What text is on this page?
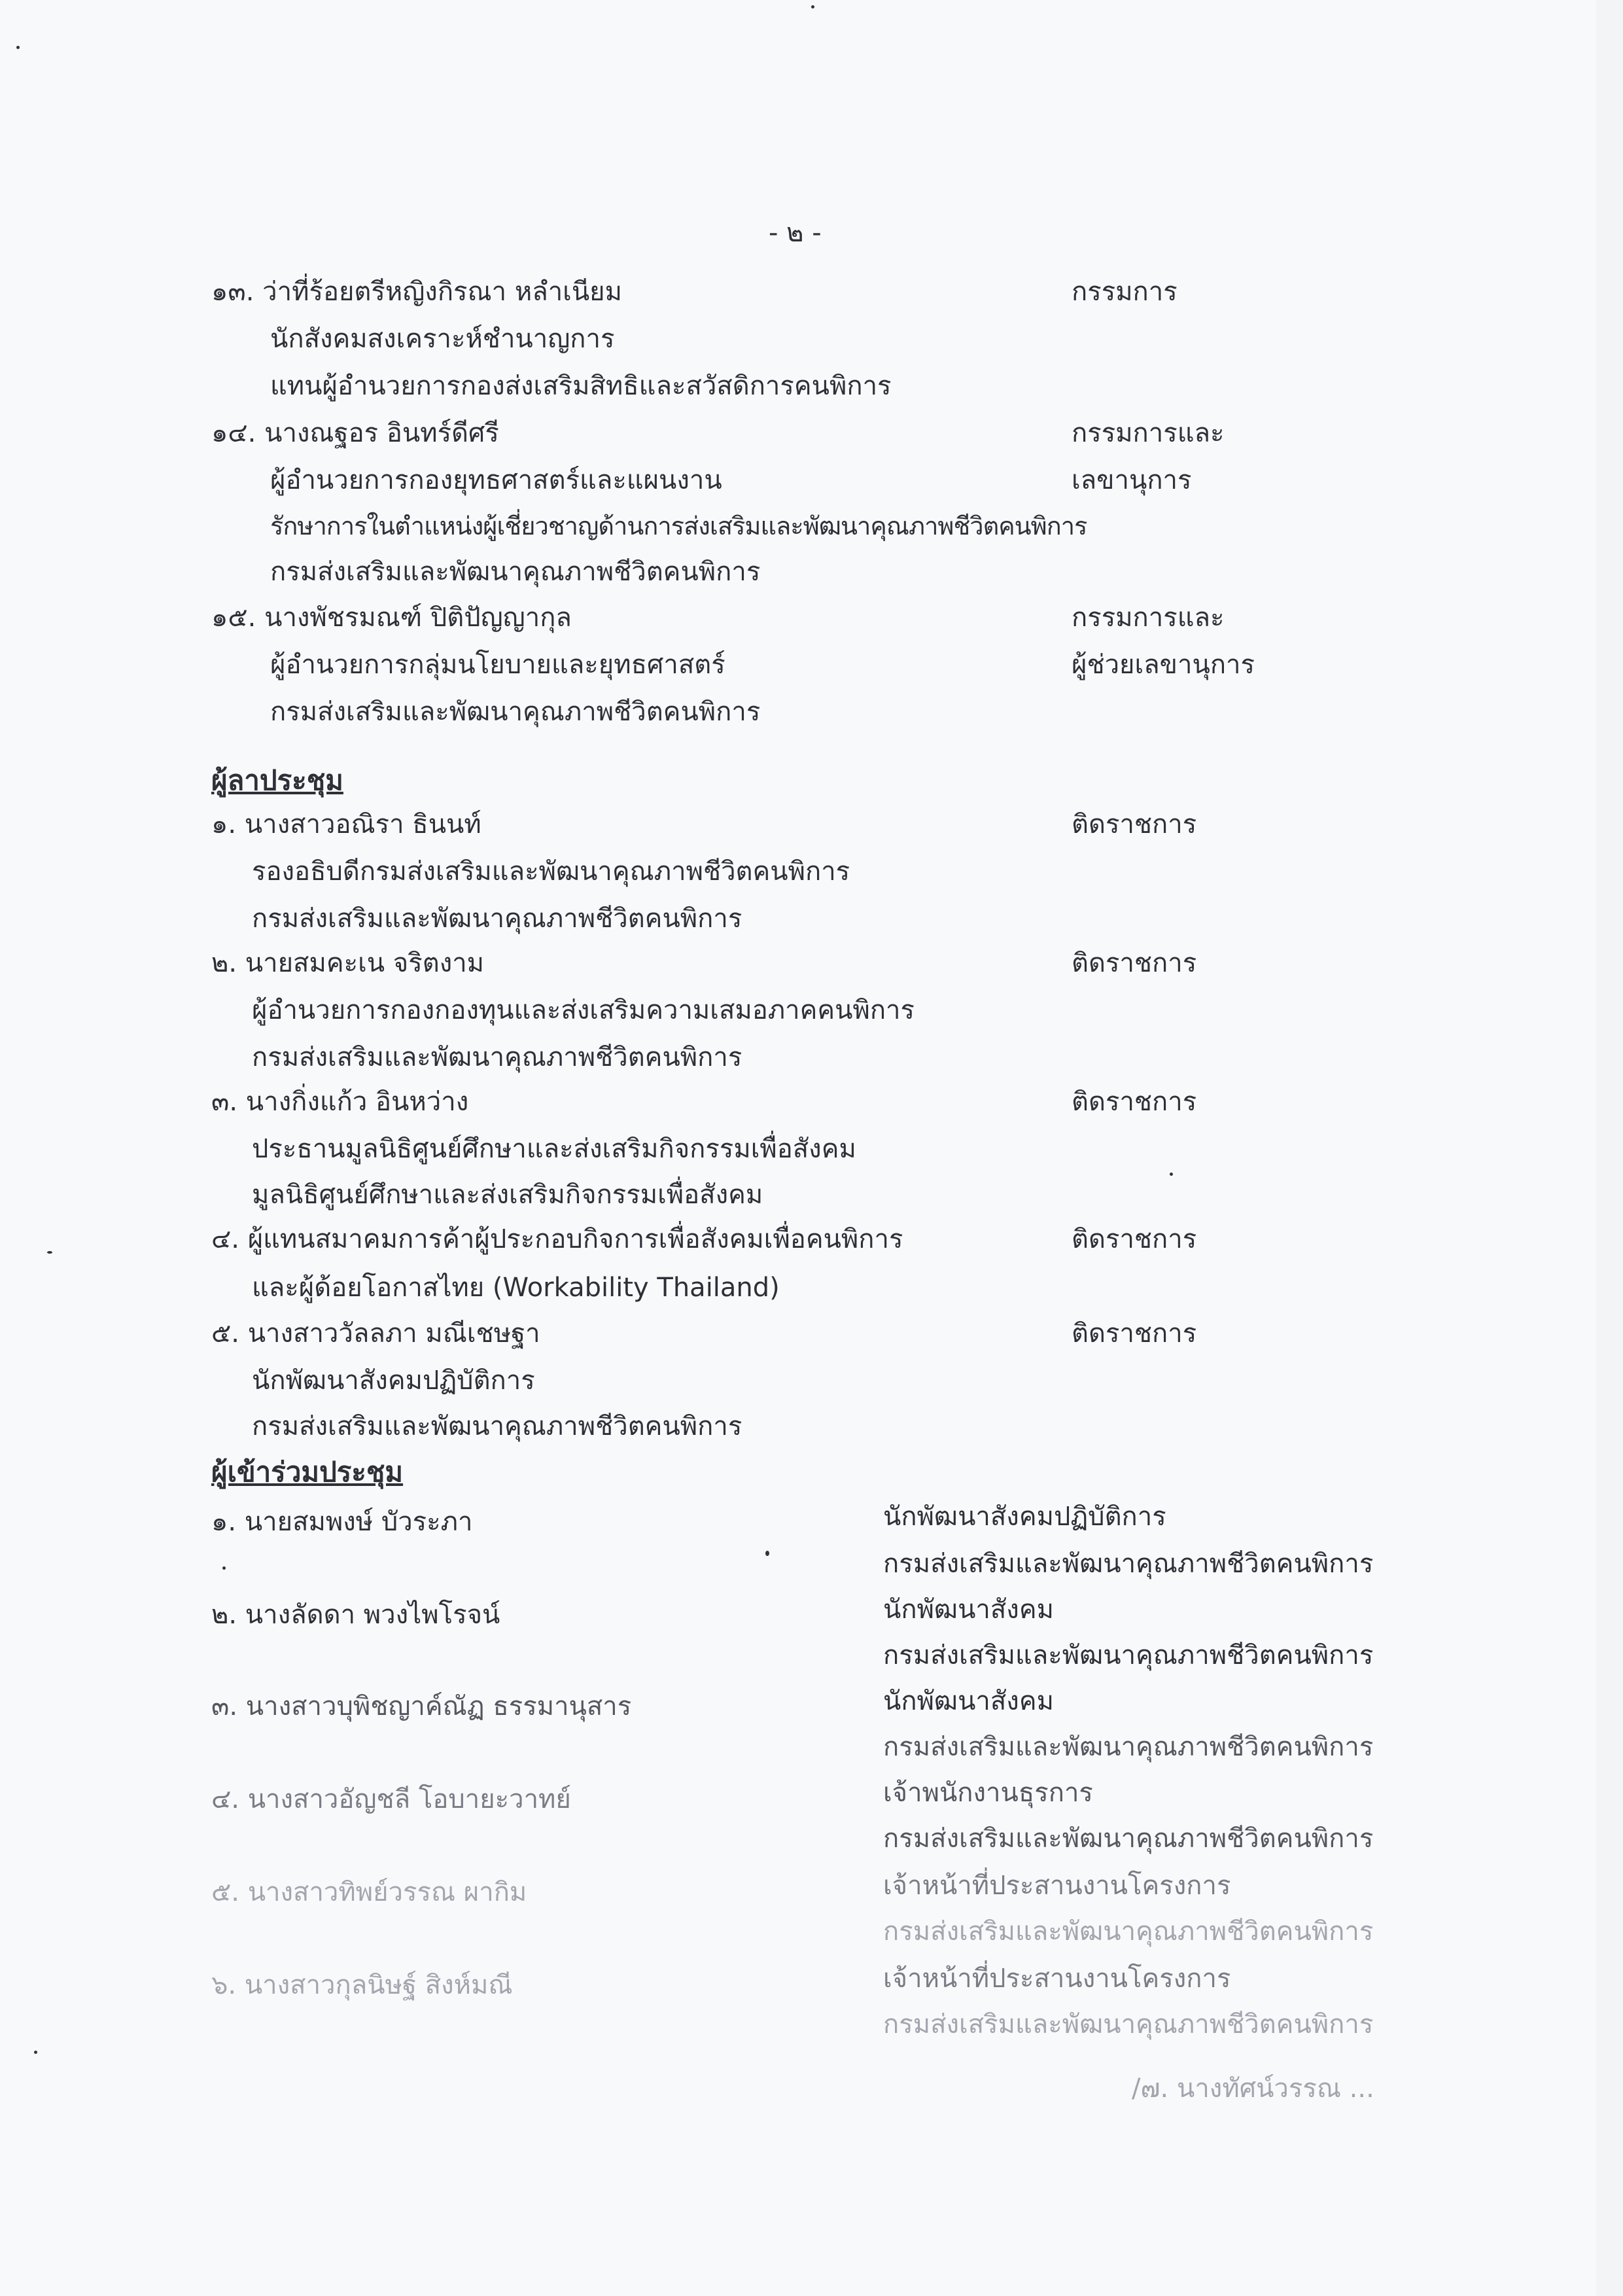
- ๒ -
๑๓. ว่าที่ร้อยตรีหญิงกิรณา หลำเนียม	กรรมการ
นักสังคมสงเคราะห์ชำนาญการ
แทนผู้อำนวยการกองส่งเสริมสิทธิและสวัสดิการคนพิการ
๑๔. นางณฐอร อินทร์ดีศรี	กรรมการและ
ผู้อำนวยการกองยุทธศาสตร์และแผนงาน	เลขานุการ
รักษาการในตำแหน่งผู้เชี่ยวชาญด้านการส่งเสริมและพัฒนาคุณภาพชีวิตคนพิการ
กรมส่งเสริมและพัฒนาคุณภาพชีวิตคนพิการ
๑๕. นางพัชรมณฑ์ ปิติปัญญากุล	กรรมการและ
ผู้อำนวยการกลุ่มนโยบายและยุทธศาสตร์	ผู้ช่วยเลขานุการ
กรมส่งเสริมและพัฒนาคุณภาพชีวิตคนพิการ
ผู้ลาประชุม
๑. นางสาวอณิรา ธินนท์	ติดราชการ
รองอธิบดีกรมส่งเสริมและพัฒนาคุณภาพชีวิตคนพิการ
กรมส่งเสริมและพัฒนาคุณภาพชีวิตคนพิการ
๒. นายสมคะเน จริตงาม	ติดราชการ
ผู้อำนวยการกองกองทุนและส่งเสริมความเสมอภาคคนพิการ
กรมส่งเสริมและพัฒนาคุณภาพชีวิตคนพิการ
๓. นางกิ่งแก้ว อินหว่าง	ติดราชการ
ประธานมูลนิธิศูนย์ศึกษาและส่งเสริมกิจกรรมเพื่อสังคม
มูลนิธิศูนย์ศึกษาและส่งเสริมกิจกรรมเพื่อสังคม
๔. ผู้แทนสมาคมการค้าผู้ประกอบกิจการเพื่อสังคมเพื่อคนพิการ	ติดราชการ
และผู้ด้อยโอกาสไทย (Workability Thailand)
๕. นางสาววัลลภา มณีเชษฐา	ติดราชการ
นักพัฒนาสังคมปฏิบัติการ
กรมส่งเสริมและพัฒนาคุณภาพชีวิตคนพิการ
ผู้เข้าร่วมประชุม
๑. นายสมพงษ์ บัวระภา	นักพัฒนาสังคมปฏิบัติการ
กรมส่งเสริมและพัฒนาคุณภาพชีวิตคนพิการ
๒. นางลัดดา พวงไพโรจน์	นักพัฒนาสังคม
กรมส่งเสริมและพัฒนาคุณภาพชีวิตคนพิการ
๓. นางสาวบุพิชญาค์ณัฏ ธรรมานุสาร	นักพัฒนาสังคม
กรมส่งเสริมและพัฒนาคุณภาพชีวิตคนพิการ
๔. นางสาวอัญชลี โอบายะวาทย์	เจ้าพนักงานธุรการ
กรมส่งเสริมและพัฒนาคุณภาพชีวิตคนพิการ
๕. นางสาวทิพย์วรรณ ผากิม	เจ้าหน้าที่ประสานงานโครงการ
กรมส่งเสริมและพัฒนาคุณภาพชีวิตคนพิการ
๖. นางสาวกุลนิษฐ์ สิงห์มณี	เจ้าหน้าที่ประสานงานโครงการ
กรมส่งเสริมและพัฒนาคุณภาพชีวิตคนพิการ
/๗. นางทัศน์วรรณ ...
